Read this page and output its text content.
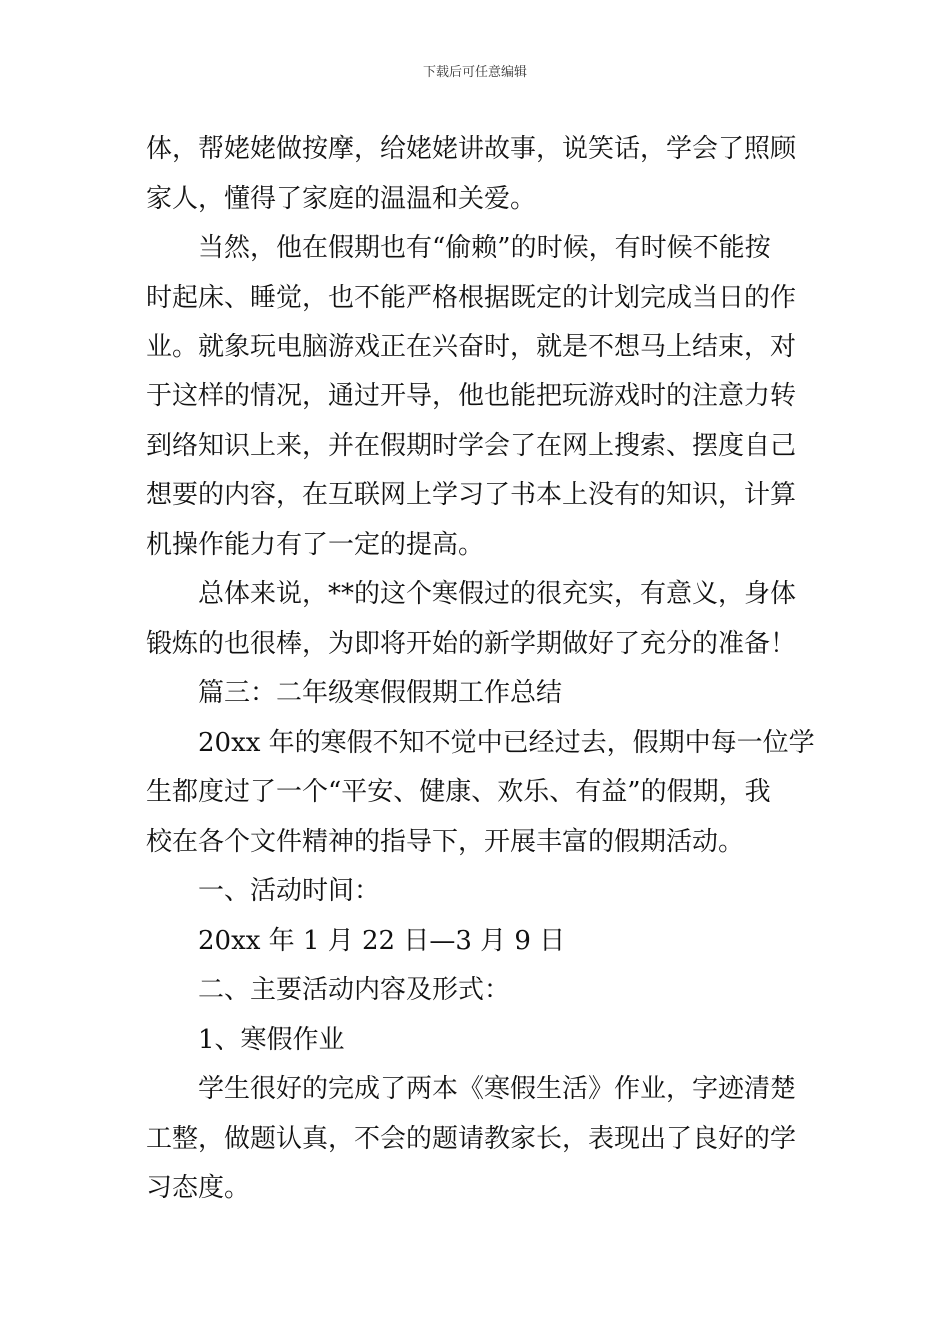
下载后可任意编辑
体，帮姥姥做按摩，给姥姥讲故事，说笑话，学会了照顾
家人，懂得了家庭的温温和关爱。
当然，他在假期也有“偷赖”的时候，有时候不能按
时起床、睡觉，也不能严格根据既定的计划完成当日的作
业。就象玩电脑游戏正在兴奋时，就是不想马上结束，对
于这样的情况，通过开导，他也能把玩游戏时的注意力转
到络知识上来，并在假期时学会了在网上搜索、摆度自己
想要的内容，在互联网上学习了书本上没有的知识，计算
机操作能力有了一定的提高。
总体来说，**的这个寒假过的很充实，有意义，身体
锻炼的也很棒，为即将开始的新学期做好了充分的准备！
篇三：二年级寒假假期工作总结
20xx 年的寒假不知不觉中已经过去，假期中每一位学
生都度过了一个“平安、健康、欢乐、有益”的假期，我
校在各个文件精神的指导下，开展丰富的假期活动。
一、活动时间：
20xx 年 1 月 22 日—3 月 9 日
二、主要活动内容及形式：
1、寒假作业
学生很好的完成了两本《寒假生活》作业，字迹清楚
工整，做题认真，不会的题请教家长，表现出了良好的学
习态度。
